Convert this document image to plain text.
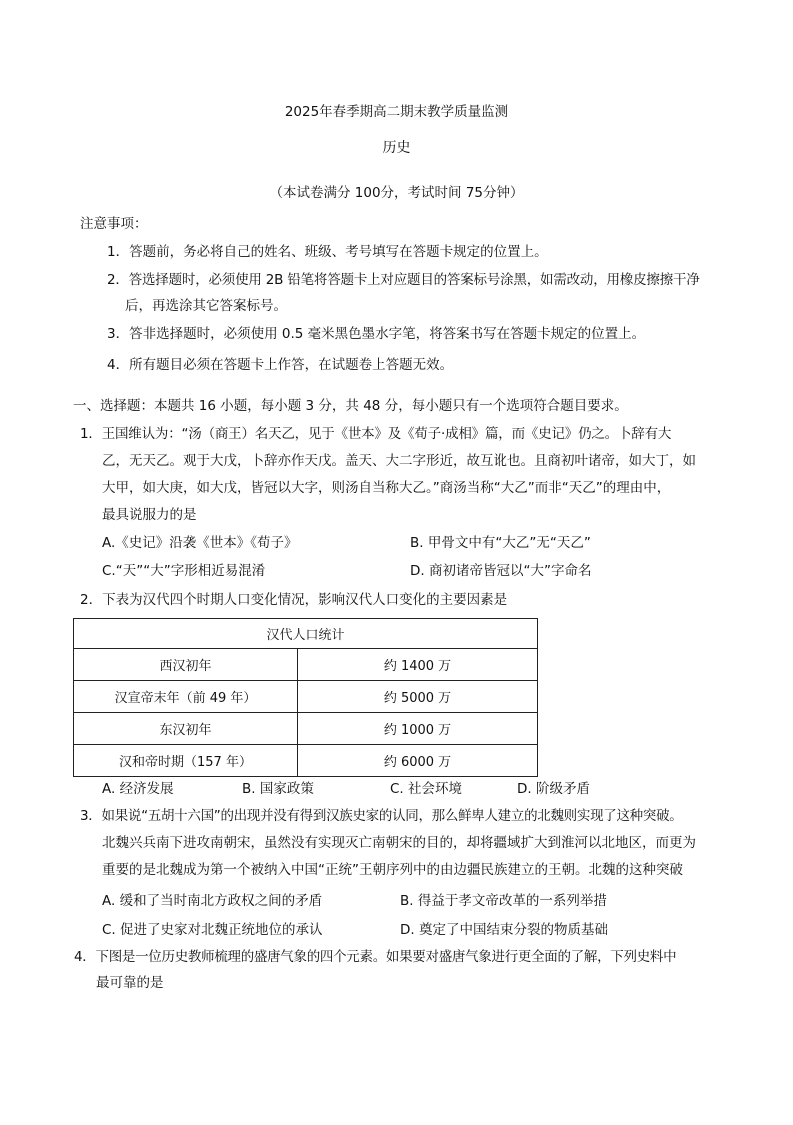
2025年春季期高二期末教学质量监测
历史
（本试卷满分 100分，考试时间 75分钟）
注意事项：
1．答题前，务必将自己的姓名、班级、考号填写在答题卡规定的位置上。
2．答选择题时，必须使用 2B 铅笔将答题卡上对应题目的答案标号涂黑，如需改动，用橡皮擦擦干净
后，再选涂其它答案标号。
3．答非选择题时，必须使用 0.5 毫米黑色墨水字笔，将答案书写在答题卡规定的位置上。
4．所有题目必须在答题卡上作答，在试题卷上答题无效。
一、选择题：本题共 16 小题，每小题 3 分，共 48 分，每小题只有一个选项符合题目要求。
1．王国维认为：“汤（商王）名天乙，见于《世本》及《荀子·成相》篇，而《史记》仍之。卜辞有大
乙，无天乙。观于大戊，卜辞亦作天戊。盖天、大二字形近，故互讹也。且商初叶诸帝，如大丁，如
大甲，如大庚，如大戊，皆冠以大字，则汤自当称大乙。”商汤当称“大乙”而非“天乙”的理由中，
最具说服力的是
A.《史记》沿袭《世本》《荀子》	B. 甲骨文中有“大乙”无“天乙”
C.“天”“大”字形相近易混淆	D. 商初诸帝皆冠以“大”字命名
2．下表为汉代四个时期人口变化情况，影响汉代人口变化的主要因素是
汉代人口统计	
西汉初年	约 1400 万
汉宣帝末年（前 49 年）	约 5000 万
东汉初年	约 1000 万
汉和帝时期（157 年）	约 6000 万
A. 经济发展	B. 国家政策	C. 社会环境	D. 阶级矛盾
3．如果说“五胡十六国”的出现并没有得到汉族史家的认同，那么鲜卑人建立的北魏则实现了这种突破。
北魏兴兵南下进攻南朝宋，虽然没有实现灭亡南朝宋的目的，却将疆域扩大到淮河以北地区，而更为
重要的是北魏成为第一个被纳入中国“正统”王朝序列中的由边疆民族建立的王朝。北魏的这种突破
A. 缓和了当时南北方政权之间的矛盾	B. 得益于孝文帝改革的一系列举措
C. 促进了史家对北魏正统地位的承认	D. 奠定了中国结束分裂的物质基础
4．下图是一位历史教师梳理的盛唐气象的四个元素。如果要对盛唐气象进行更全面的了解，下列史料中
最可靠的是
